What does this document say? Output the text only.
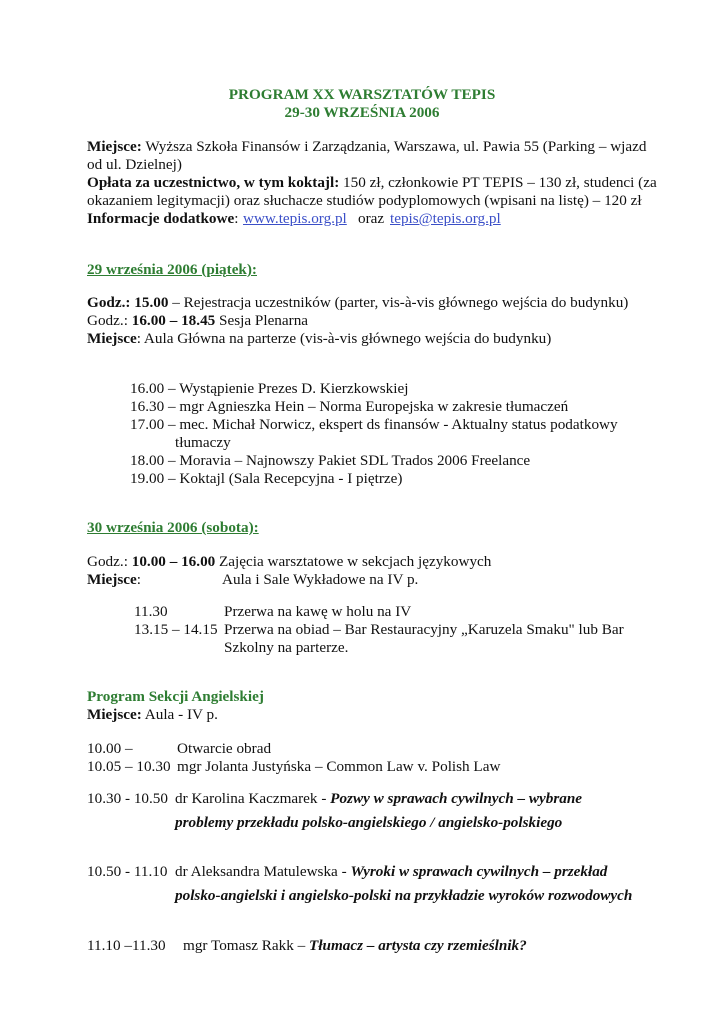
PROGRAM XX WARSZTATÓW TEPIS
29-30 WRZEŚNIA 2006
Miejsce: Wyższa Szkoła Finansów i Zarządzania, Warszawa, ul. Pawia 55 (Parking – wjazd
od ul. Dzielnej)
Opłata za uczestnictwo, w tym koktajl: 150 zł, członkowie PT TEPIS – 130 zł, studenci (za
okazaniem legitymacji) oraz słuchacze studiów podyplomowych (wpisani na listę) – 120 zł
Informacje dodatkowe: www.tepis.org.pl oraz tepis@tepis.org.pl
29 września 2006 (piątek):
Godz.: 15.00 – Rejestracja uczestników (parter, vis-à-vis głównego wejścia do budynku)
Godz.: 16.00 – 18.45 Sesja Plenarna
Miejsce: Aula Główna na parterze (vis-à-vis głównego wejścia do budynku)
16.00 – Wystąpienie Prezes D. Kierzkowskiej
16.30 – mgr Agnieszka Hein – Norma Europejska w zakresie tłumaczeń
17.00 – mec. Michał Norwicz, ekspert ds finansów - Aktualny status podatkowy
tłumaczy
18.00 – Moravia – Najnowszy Pakiet SDL Trados 2006 Freelance
19.00 – Koktajl (Sala Recepcyjna - I piętrze)
30 września 2006 (sobota):
Godz.: 10.00 – 16.00 Zajęcia warsztatowe w sekcjach językowych
Miejsce:	Aula i Sale Wykładowe na IV p.
11.30	Przerwa na kawę w holu na IV
13.15 – 14.15 Przerwa na obiad – Bar Restauracyjny „Karuzela Smaku" lub Bar
Szkolny na parterze.
Program Sekcji Angielskiej
Miejsce: Aula - IV p.
10.00 –	Otwarcie obrad
10.05 – 10.30 mgr Jolanta Justyńska – Common Law v. Polish Law
10.30 - 10.50 dr Karolina Kaczmarek - Pozwy w sprawach cywilnych – wybrane
problemy przekładu polsko-angielskiego / angielsko-polskiego
10.50 - 11.10 dr Aleksandra Matulewska - Wyroki w sprawach cywilnych – przekład
polsko-angielski i angielsko-polski na przykładzie wyroków rozwodowych
11.10 –11.30 mgr Tomasz Rakk – Tłumacz – artysta czy rzemieślnik?
